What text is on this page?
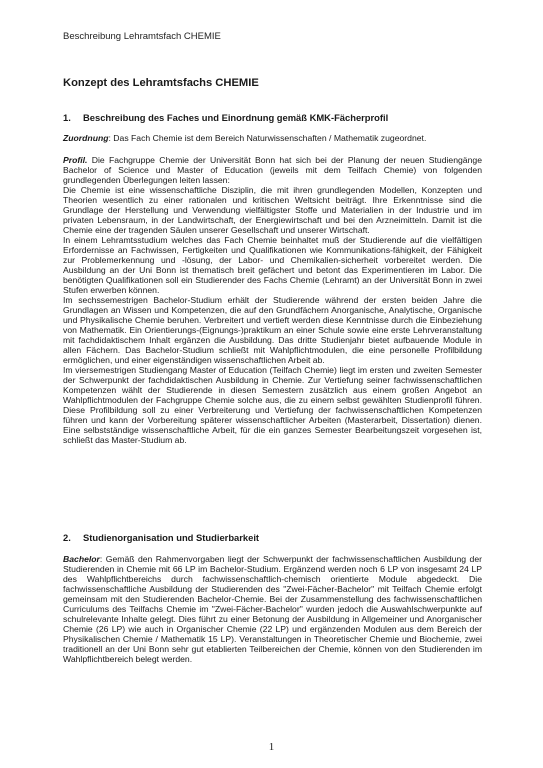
Beschreibung Lehramtsfach CHEMIE
Konzept des Lehramtsfachs CHEMIE
1. Beschreibung des Faches und Einordnung gemäß KMK-Fächerprofil
Zuordnung: Das Fach Chemie ist dem Bereich Naturwissenschaften / Mathematik zugeordnet.
Profil. Die Fachgruppe Chemie der Universität Bonn hat sich bei der Planung der neuen Studiengänge Bachelor of Science und Master of Education (jeweils mit dem Teilfach Chemie) von folgenden grundlegenden Überlegungen leiten lassen:
Die Chemie ist eine wissenschaftliche Disziplin, die mit ihren grundlegenden Modellen, Konzepten und Theorien wesentlich zu einer rationalen und kritischen Weltsicht beiträgt. Ihre Erkenntnisse sind die Grundlage der Herstellung und Verwendung vielfältigster Stoffe und Materialien in der Industrie und im privaten Lebensraum, in der Landwirtschaft, der Energiewirtschaft und bei den Arzneimitteln. Damit ist die Chemie eine der tragenden Säulen unserer Gesellschaft und unserer Wirtschaft.
In einem Lehramtsstudium welches das Fach Chemie beinhaltet muß der Studierende auf die vielfältigen Erfordernisse an Fachwissen, Fertigkeiten und Qualifikationen wie Kommunikations-fähigkeit, der Fähigkeit zur Problemerkennung und -lösung, der Labor- und Chemikalien-sicherheit vorbereitet werden. Die Ausbildung an der Uni Bonn ist thematisch breit gefächert und betont das Experimentieren im Labor. Die benötigten Qualifikationen soll ein Studierender des Fachs Chemie (Lehramt) an der Universität Bonn in zwei Stufen erwerben können.
Im sechssemestrigen Bachelor-Studium erhält der Studierende während der ersten beiden Jahre die Grundlagen an Wissen und Kompetenzen, die auf den Grundfächern Anorganische, Analytische, Organische und Physikalische Chemie beruhen. Verbreitert und vertieft werden diese Kenntnisse durch die Einbeziehung von Mathematik. Ein Orientierungs-(Eignungs-)praktikum an einer Schule sowie eine erste Lehrveranstaltung mit fachdidaktischem Inhalt ergänzen die Ausbildung. Das dritte Studienjahr bietet aufbauende Module in allen Fächern. Das Bachelor-Studium schließt mit Wahlpflichtmodulen, die eine personelle Profilbildung ermöglichen, und einer eigenständigen wissenschaftlichen Arbeit ab.
Im viersemestrigen Studiengang Master of Education (Teilfach Chemie) liegt im ersten und zweiten Semester der Schwerpunkt der fachdidaktischen Ausbildung in Chemie. Zur Vertiefung seiner fachwissenschaftlichen Kompetenzen wählt der Studierende in diesen Semestern zusätzlich aus einem großen Angebot an Wahlpflichtmodulen der Fachgruppe Chemie solche aus, die zu einem selbst gewählten Studienprofil führen. Diese Profilbildung soll zu einer Verbreiterung und Vertiefung der fachwissenschaftlichen Kompetenzen führen und kann der Vorbereitung späterer wissenschaftlicher Arbeiten (Masterarbeit, Dissertation) dienen. Eine selbstständige wissenschaftliche Arbeit, für die ein ganzes Semester Bearbeitungszeit vorgesehen ist, schließt das Master-Studium ab.
2. Studienorganisation und Studierbarkeit
Bachelor: Gemäß den Rahmenvorgaben liegt der Schwerpunkt der fachwissenschaftlichen Ausbildung der Studierenden in Chemie mit 66 LP im Bachelor-Studium. Ergänzend werden noch 6 LP von insgesamt 24 LP des Wahlpflichtbereichs durch fachwissenschaftlich-chemisch orientierte Module abgedeckt. Die fachwissenschaftliche Ausbildung der Studierenden des "Zwei-Fächer-Bachelor" mit Teilfach Chemie erfolgt gemeinsam mit den Studierenden Bachelor-Chemie. Bei der Zusammenstellung des fachwissenschaftlichen Curriculums des Teilfachs Chemie im "Zwei-Fächer-Bachelor" wurden jedoch die Auswahlschwerpunkte auf schulrelevante Inhalte gelegt. Dies führt zu einer Betonung der Ausbildung in Allgemeiner und Anorganischer Chemie (26 LP) wie auch in Organischer Chemie (22 LP) und ergänzenden Modulen aus dem Bereich der Physikalischen Chemie / Mathematik 15 LP). Veranstaltungen in Theoretischer Chemie und Biochemie, zwei traditionell an der Uni Bonn sehr gut etablierten Teilbereichen der Chemie, können von den Studierenden im Wahlpflichtbereich belegt werden.
1
